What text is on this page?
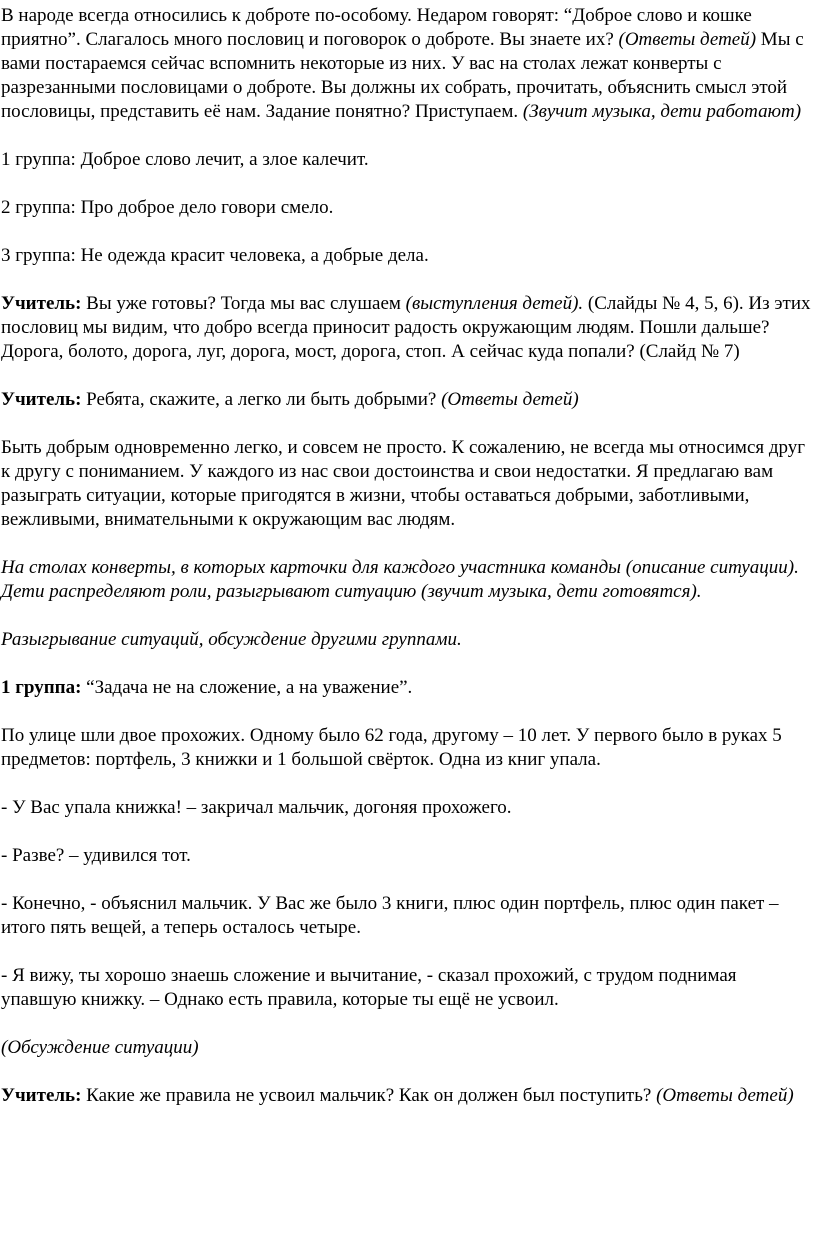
В народе всегда относились к доброте по-особому. Недаром говорят: “Доброе слово и кошке приятно”. Слагалось много пословиц и поговорок о доброте. Вы знаете их? (Ответы детей) Мы с вами постараемся сейчас вспомнить некоторые из них. У вас на столах лежат конверты с разрезанными пословицами о доброте. Вы должны их собрать, прочитать, объяснить смысл этой пословицы, представить её нам. Задание понятно? Приступаем. (Звучит музыка, дети работают)

1 группа: Доброе слово лечит, а злое калечит.

2 группа: Про доброе дело говори смело.

3 группа: Не одежда красит человека, а добрые дела.

Учитель: Вы уже готовы? Тогда мы вас слушаем (выступления детей). (Слайды № 4, 5, 6). Из этих пословиц мы видим, что добро всегда приносит радость окружающим людям. Пошли дальше? Дорога, болото, дорога, луг, дорога, мост, дорога, стоп. А сейчас куда попали? (Слайд № 7)

Учитель: Ребята, скажите, а легко ли быть добрыми? (Ответы детей)

Быть добрым одновременно легко, и совсем не просто. К сожалению, не всегда мы относимся друг к другу с пониманием. У каждого из нас свои достоинства и свои недостатки. Я предлагаю вам разыграть ситуации, которые пригодятся в жизни, чтобы оставаться добрыми, заботливыми, вежливыми, внимательными к окружающим вас людям.

На столах конверты, в которых карточки для каждого участника команды (описание ситуации). Дети распределяют роли, разыгрывают ситуацию (звучит музыка, дети готовятся).

Разыгрывание ситуаций, обсуждение другими группами.

1 группа: “Задача не на сложение, а на уважение”.

По улице шли двое прохожих. Одному было 62 года, другому – 10 лет. У первого было в руках 5 предметов: портфель, 3 книжки и 1 большой свёрток. Одна из книг упала.

- У Вас упала книжка! – закричал мальчик, догоняя прохожего.

- Разве? – удивился тот.

- Конечно, - объяснил мальчик. У Вас же было 3 книги, плюс один портфель, плюс один пакет – итого пять вещей, а теперь осталось четыре.

- Я вижу, ты хорошо знаешь сложение и вычитание, - сказал прохожий, с трудом поднимая упавшую книжку. – Однако есть правила, которые ты ещё не усвоил.

(Обсуждение ситуации)

Учитель: Какие же правила не усвоил мальчик? Как он должен был поступить? (Ответы детей)
